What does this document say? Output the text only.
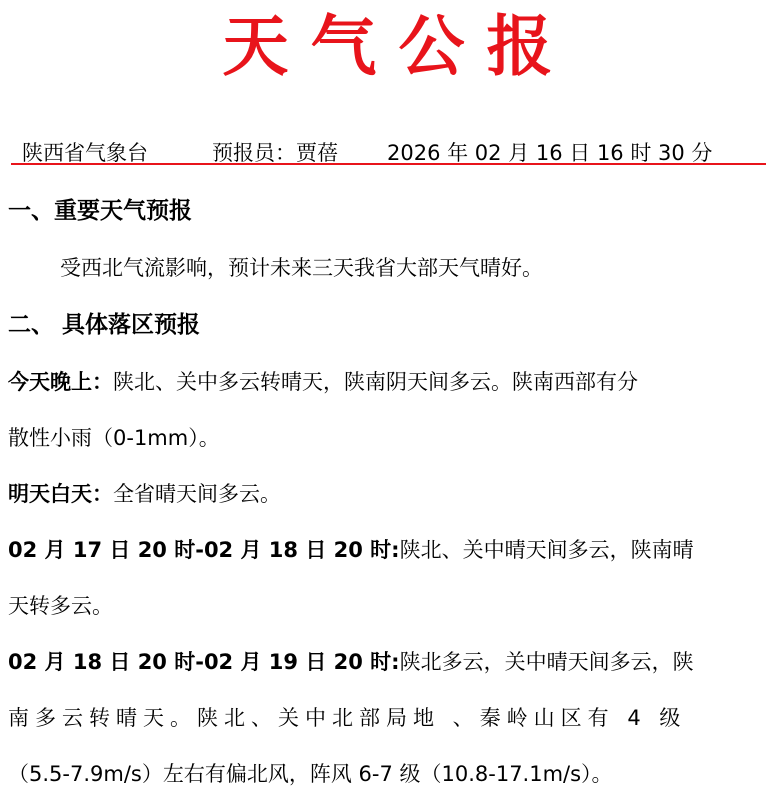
天气公报
陕西省气象台	预报员：贾蓓 2026 年 02 月 16 日 16 时 30 分
一、重要天气预报
受西北气流影响，预计未来三天我省大部天气晴好。
二、 具体落区预报
今天晚上：陕北、关中多云转晴天，陕南阴天间多云。陕南西部有分
散性小雨（0-1mm）。
明天白天：全省晴天间多云。
02 月 17 日 20 时-02 月 18 日 20 时:陕北、关中晴天间多云，陕南晴
天转多云。
02 月 18 日 20 时-02 月 19 日 20 时:陕北多云，关中晴天间多云，陕
南多云转晴天。陕北、关中北部局地 、秦岭山区有 4 级
（5.5-7.9m/s）左右有偏北风，阵风 6-7 级（10.8-17.1m/s）。
